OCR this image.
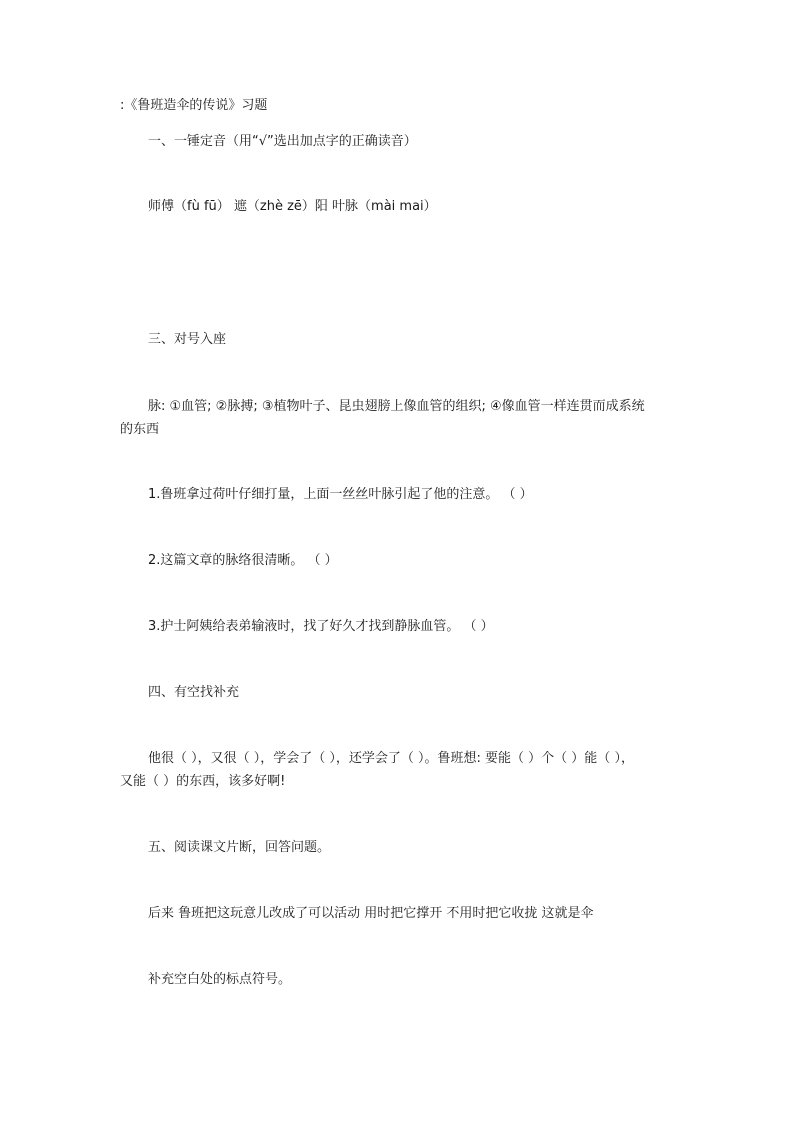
:《鲁班造伞的传说》习题
一、一锤定音（用“√”选出加点字的正确读音）
师傅（fù fū） 遮（zhè zē）阳 叶脉（mài mai）
三、对号入座
脉: ①血管; ②脉搏; ③植物叶子、昆虫翅膀上像血管的组织; ④像血管一样连贯而成系统
的东西
1.鲁班拿过荷叶仔细打量，上面一丝丝叶脉引起了他的注意。 （ ）
2.这篇文章的脉络很清晰。 （ ）
3.护士阿姨给表弟输液时，找了好久才找到静脉血管。 （ ）
四、有空找补充
他很（ ），又很（ ），学会了（ ），还学会了（ ）。鲁班想: 要能（ ）个（ ）能（ ），
又能（ ）的东西，该多好啊!
五、阅读课文片断，回答问题。
后来 鲁班把这玩意儿改成了可以活动 用时把它撑开 不用时把它收拢 这就是伞
补充空白处的标点符号。
